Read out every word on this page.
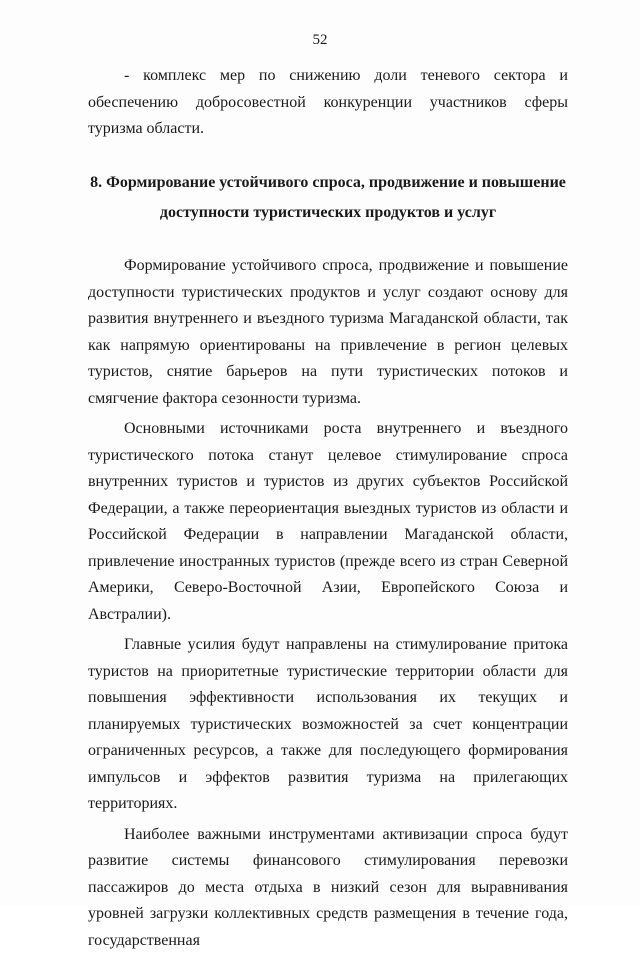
52

- комплекс мер по снижению доли теневого сектора и обеспечению добросовестной конкуренции участников сферы туризма области.

8. Формирование устойчивого спроса, продвижение и повышение
доступности туристических продуктов и услуг

Формирование устойчивого спроса, продвижение и повышение доступности туристических продуктов и услуг создают основу для развития внутреннего и въездного туризма Магаданской области, так как напрямую ориентированы на привлечение в регион целевых туристов, снятие барьеров на пути туристических потоков и смягчение фактора сезонности туризма.

Основными источниками роста внутреннего и въездного туристического потока станут целевое стимулирование спроса внутренних туристов и туристов из других субъектов Российской Федерации, а также переориентация выездных туристов из области и Российской Федерации в направлении Магаданской области, привлечение иностранных туристов (прежде всего из стран Северной Америки, Северо-Восточной Азии, Европейского Союза и Австралии).

Главные усилия будут направлены на стимулирование притока туристов на приоритетные туристические территории области для повышения эффективности использования их текущих и планируемых туристических возможностей за счет концентрации ограниченных ресурсов, а также для последующего формирования импульсов и эффектов развития туризма на прилегающих территориях.

Наиболее важными инструментами активизации спроса будут развитие системы финансового стимулирования перевозки пассажиров до места отдыха в низкий сезон для выравнивания уровней загрузки коллективных средств размещения в течение года, государственная
